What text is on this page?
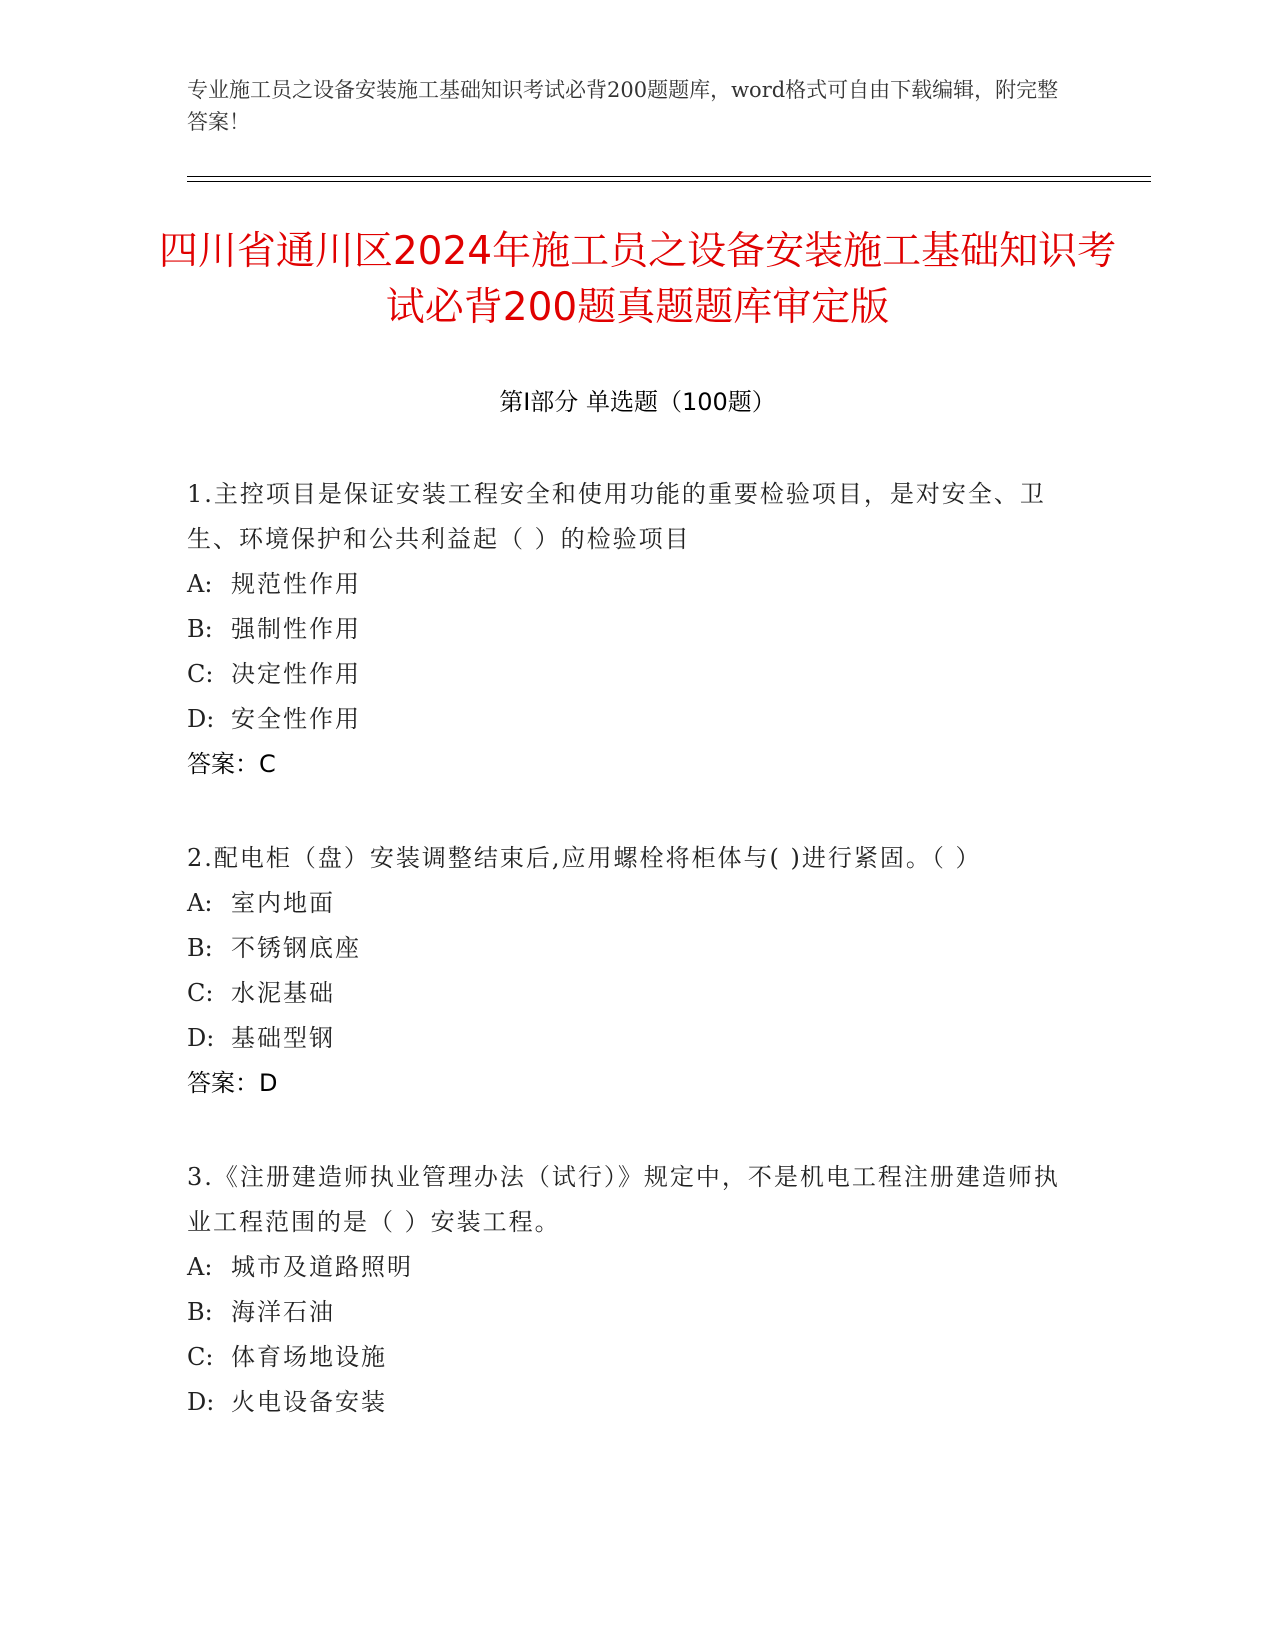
专业施工员之设备安装施工基础知识考试必背200题题库，word格式可自由下载编辑，附完整答案！

四川省通川区2024年施工员之设备安装施工基础知识考试必背200题真题题库审定版
第Ⅰ部分 单选题（100题）

1.主控项目是保证安装工程安全和使用功能的重要检验项目，是对安全、卫生、环境保护和公共利益起（ ）的检验项目

A: 规范性作用

B: 强制性作用

C: 决定性作用

D: 安全性作用

答案：C

2.配电柜（盘）安装调整结束后,应用螺栓将柜体与( )进行紧固。（ ）

A: 室内地面

B: 不锈钢底座

C: 水泥基础

D: 基础型钢

答案：D

3.《注册建造师执业管理办法（试行）》规定中，不是机电工程注册建造师执业工程范围的是（ ）安装工程。

A: 城市及道路照明

B: 海洋石油

C: 体育场地设施

D: 火电设备安装
